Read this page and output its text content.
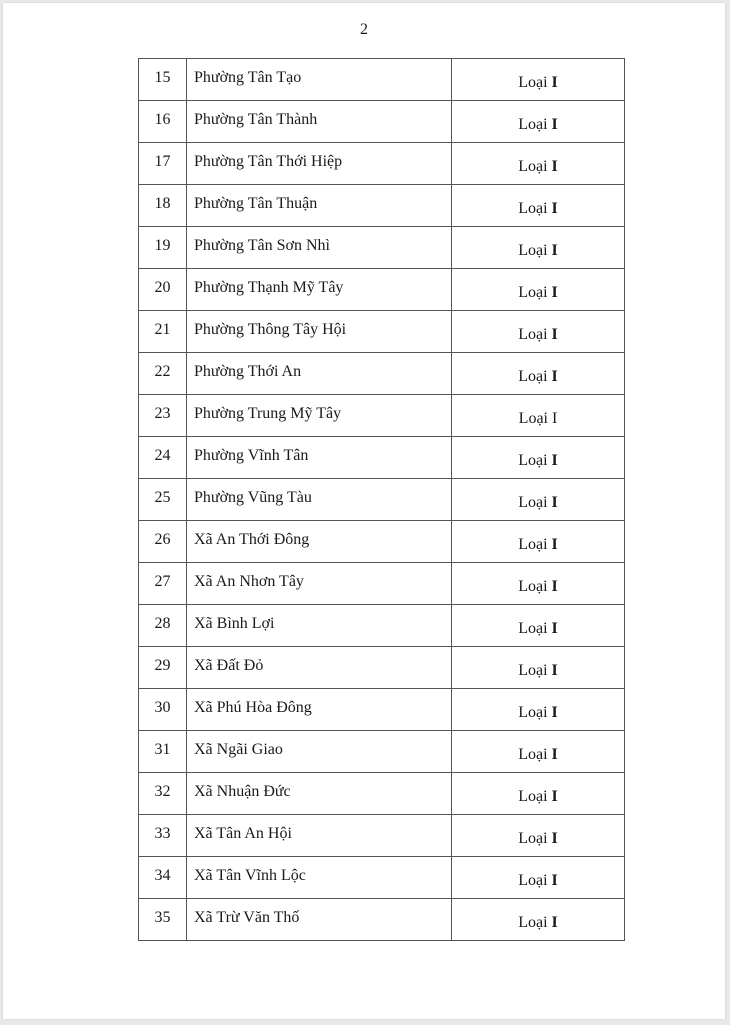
2
15	Phường Tân Tạo	Loại I
16	Phường Tân Thành	Loại I
17	Phường Tân Thới Hiệp	Loại I
18	Phường Tân Thuận	Loại I
19	Phường Tân Sơn Nhì	Loại I
20	Phường Thạnh Mỹ Tây	Loại I
21	Phường Thông Tây Hội	Loại I
22	Phường Thới An	Loại I
23	Phường Trung Mỹ Tây	Loại I
24	Phường Vĩnh Tân	Loại I
25	Phường Vũng Tàu	Loại I
26	Xã An Thới Đông	Loại I
27	Xã An Nhơn Tây	Loại I
28	Xã Bình Lợi	Loại I
29	Xã Đất Đỏ	Loại I
30	Xã Phú Hòa Đông	Loại I
31	Xã Ngãi Giao	Loại I
32	Xã Nhuận Đức	Loại I
33	Xã Tân An Hội	Loại I
34	Xã Tân Vĩnh Lộc	Loại I
35	Xã Trừ Văn Thố	Loại I
